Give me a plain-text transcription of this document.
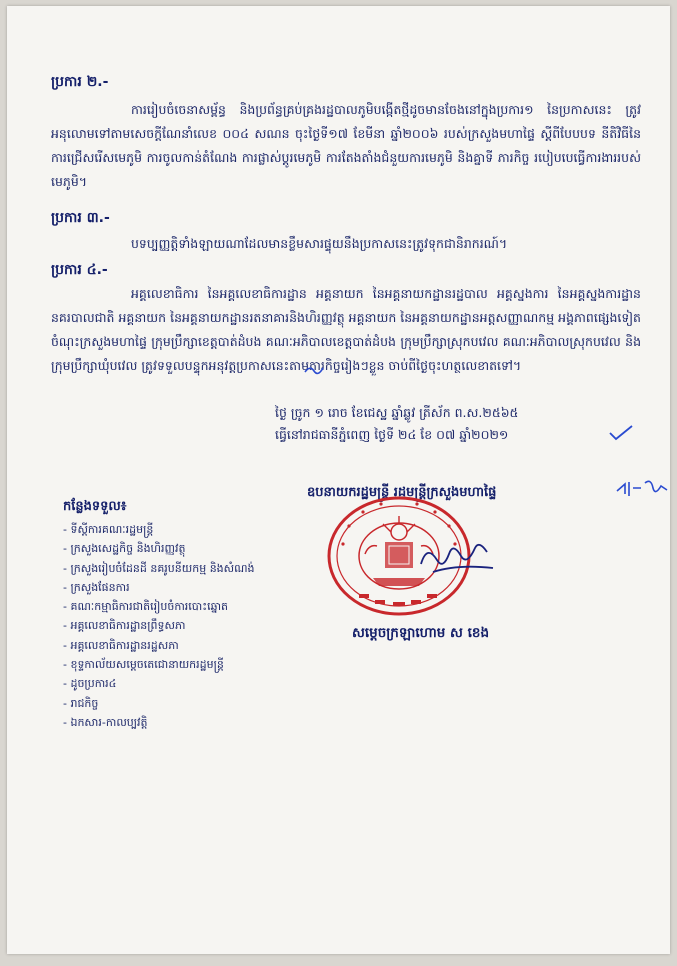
ប្រការ ២.-
ការរៀបចំចេនាសម្ព័ន្ធ និងប្រព័ន្ធគ្រប់គ្រងរដ្ឋបាលភូមិបង្កើតថ្មីដូចមានចែងនៅក្នុងប្រការ១ នៃប្រកាសនេះ ត្រូវអនុលោមទៅតាមសេចក្តីណែនាំលេខ ០០៤ សណន ចុះថ្ងៃទី១៧ ខែមីនា ឆ្នាំ២០០៦ របស់ក្រសួងមហាផ្ទៃ ស្តីពីបែបបទ នីតិវិធីនៃការជ្រើសរើសមេភូមិ ការចូលកាន់តំណែង ការផ្លាស់ប្តូរមេភូមិ ការតែងតាំងជំនួយការមេភូមិ និងគ្នាទី ភារកិច្ច របៀបបេធ្វើការងាររបស់មេភូមិ។
ប្រការ ៣.-
បទប្បញ្ញត្តិទាំងឡាយណាដែលមានខ្លឹមសារផ្ទុយនឹងប្រកាសនេះត្រូវទុកជានិរាករណ៍។
ប្រការ ៤.-
អគ្គលេខាធិការ នៃអគ្គលេខាធិការដ្ឋាន អគ្គនាយក នៃអគ្គនាយកដ្ឋានរដ្ឋបាល អគ្គស្នងការ នៃអគ្គស្នងការដ្ឋាននគរបាលជាតិ អគ្គនាយក នៃអគ្គនាយកដ្ឋានរតនាគារនិងហិរញ្ញវត្ថុ អគ្គនាយក នៃអគ្គនាយកដ្ឋានអត្តសញ្ញាណកម្ម អង្គភាពផ្សេងទៀតចំណុះក្រសួងមហាផ្ទៃ ក្រុមប្រឹក្សាខេត្តបាត់ដំបង គណៈអភិបាលខេត្តបាត់ដំបង ក្រុមប្រឹក្សាស្រុកបវេល គណៈអភិបាលស្រុកបវេល និងក្រុមប្រឹក្សាឃុំបវេល ត្រូវទទួលបន្ទុកអនុវត្តប្រកាសនេះតាមភារកិច្ចរៀងៗខ្លួន ចាប់ពីថ្ងៃចុះហត្ថលេខាតទៅ។
ថ្ងៃ ច្រូក ១ រោច ខែជេស្ឋ ឆ្នាំឆ្លូវ ត្រីស័ក ព.ស.២៥៦៥
ធ្វើនៅរាជធានីភ្នំពេញ ថ្ងៃទី ២៤ ខែ ០៧ ឆ្នាំ២០២១
ឧបនាយករដ្ឋមន្ត្រី រដ្ឋមន្ត្រីក្រសួងមហាផ្ទៃ
សម្តេចក្រឡាហោម ស ខេង
កន្លែងទទួល៖
- ទីស្តីការគណៈរដ្ឋមន្ត្រី
- ក្រសួងសេដ្ឋកិច្ច និងហិរញ្ញវត្ថុ
- ក្រសួងរៀបចំដែនដី នគរូបនីយកម្ម និងសំណង់
- ក្រសួងផែនការ
- គណៈកម្មាធិការជាតិរៀបចំការបោះឆ្នោត
- អគ្គលេខាធិការដ្ឋានព្រឹទ្ធសភា
- អគ្គលេខាធិការដ្ឋានរដ្ឋសភា
- ខុទ្ទកាល័យសម្តេចតេជោនាយករដ្ឋមន្ត្រី
- ដូចប្រការ៤
- រាជកិច្ច
- ឯកសារ-កាលប្បវត្តិ
